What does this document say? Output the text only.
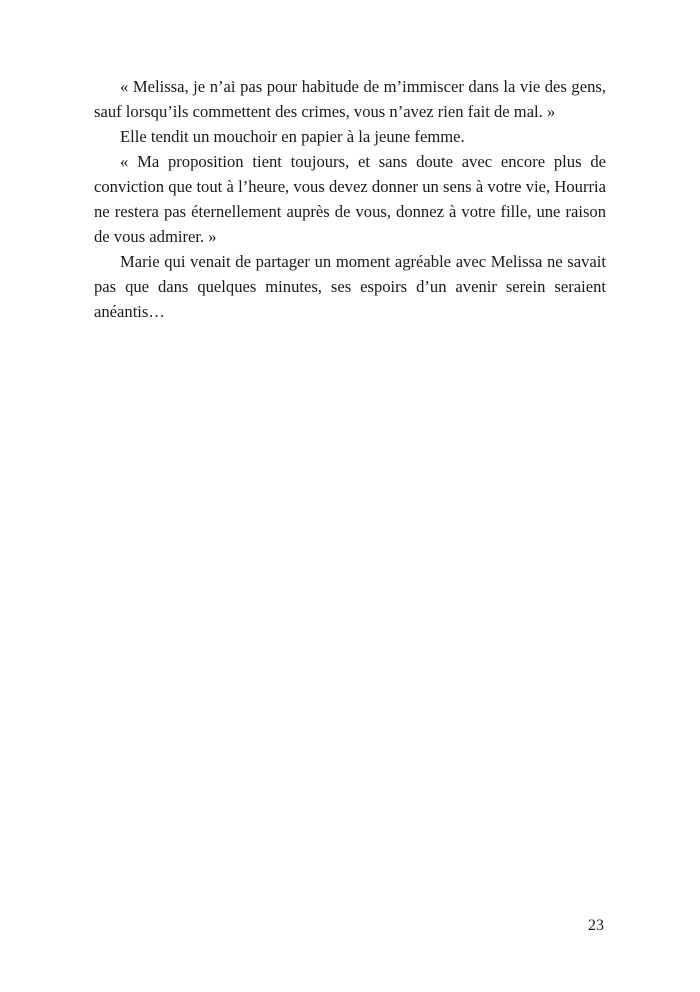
« Melissa, je n’ai pas pour habitude de m’immiscer dans la vie des gens, sauf lorsqu’ils commettent des crimes, vous n’avez rien fait de mal. »

Elle tendit un mouchoir en papier à la jeune femme.

« Ma proposition tient toujours, et sans doute avec encore plus de conviction que tout à l’heure, vous devez donner un sens à votre vie, Hourria ne restera pas éternellement auprès de vous, donnez à votre fille, une raison de vous admirer. »

Marie qui venait de partager un moment agréable avec Melissa ne savait pas que dans quelques minutes, ses espoirs d’un avenir serein seraient anéantis…

23
